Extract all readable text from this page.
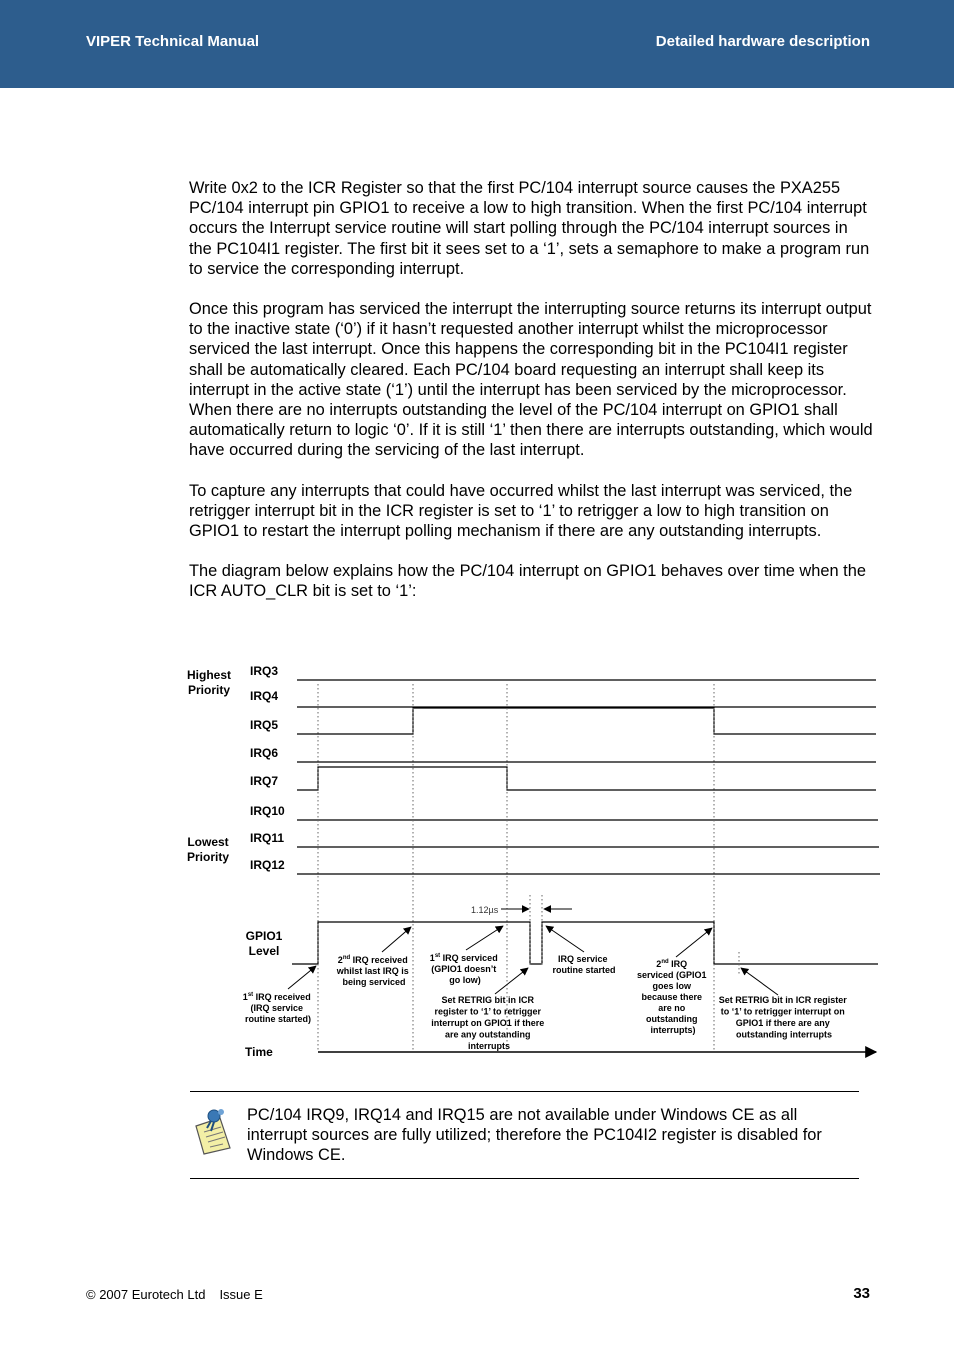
VIPER Technical Manual	Detailed hardware description

Write 0x2 to the ICR Register so that the first PC/104 interrupt source causes the PXA255 PC/104 interrupt pin GPIO1 to receive a low to high transition. When the first PC/104 interrupt occurs the Interrupt service routine will start polling through the PC/104 interrupt sources in the PC104I1 register. The first bit it sees set to a ‘1’, sets a semaphore to make a program run to service the corresponding interrupt.

Once this program has serviced the interrupt the interrupting source returns its interrupt output to the inactive state (‘0’) if it hasn’t requested another interrupt whilst the microprocessor serviced the last interrupt. Once this happens the corresponding bit in the PC104I1 register shall be automatically cleared. Each PC/104 board requesting an interrupt shall keep its interrupt in the active state (‘1’) until the interrupt has been serviced by the microprocessor. When there are no interrupts outstanding the level of the PC/104 interrupt on GPIO1 shall automatically return to logic ‘0’. If it is still ‘1’ then there are interrupts outstanding, which would have occurred during the servicing of the last interrupt.

To capture any interrupts that could have occurred whilst the last interrupt was serviced, the retrigger interrupt bit in the ICR register is set to ‘1’ to retrigger a low to high transition on GPIO1 to restart the interrupt polling mechanism if there are any outstanding interrupts.

The diagram below explains how the PC/104 interrupt on GPIO1 behaves over time when the ICR AUTO_CLR bit is set to ‘1’:

Highest
Priority
Lowest
Priority
IRQ3
IRQ4
IRQ5
IRQ6
IRQ7
IRQ10
IRQ11
IRQ12
GPIO1
Level
Time
1.12µs
1st IRQ received (IRQ service routine started)
2nd IRQ received whilst last IRQ is being serviced
1st IRQ serviced (GPIO1 doesn’t go low)
Set RETRIG bit in ICR register to ‘1’ to retrigger interrupt on GPIO1 if there are any outstanding interrupts
IRQ service routine started
2nd IRQ serviced (GPIO1 goes low because there are no outstanding interrupts)
Set RETRIG bit in ICR register to ‘1’ to retrigger interrupt on GPIO1 if there are any outstanding interrupts
PC/104 IRQ9, IRQ14 and IRQ15 are not available under Windows CE as all interrupt sources are fully utilized; therefore the PC104I2 register is disabled for Windows CE.
© 2007 Eurotech Ltd Issue E	33
